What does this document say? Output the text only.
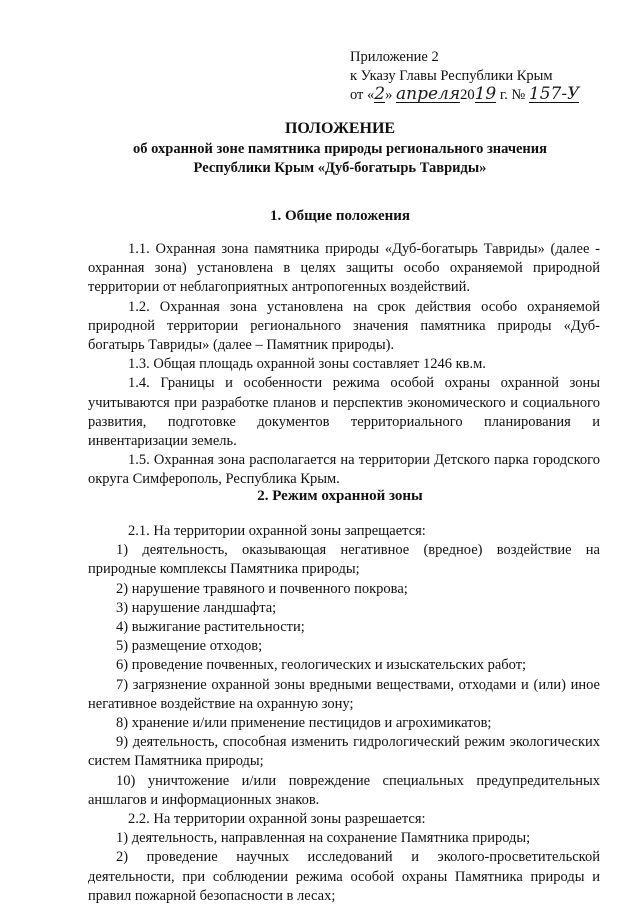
Приложение 2
к Указу Главы Республики Крым
от «2» апреля2019 г. № 157-У
ПОЛОЖЕНИЕ
об охранной зоне памятника природы регионального значения
Республики Крым «Дуб-богатырь Тавриды»
1. Общие положения

1.1. Охранная зона памятника природы «Дуб-богатырь Тавриды» (далее - охранная зона) установлена в целях защиты особо охраняемой природной территории от неблагоприятных антропогенных воздействий.

1.2. Охранная зона установлена на срок действия особо охраняемой природной территории регионального значения памятника природы «Дуб-богатырь Тавриды» (далее – Памятник природы).

1.3. Общая площадь охранной зоны составляет 1246 кв.м.

1.4. Границы и особенности режима особой охраны охранной зоны учитываются при разработке планов и перспектив экономического и социального развития, подготовке документов территориального планирования и инвентаризации земель.

1.5. Охранная зона располагается на территории Детского парка городского округа Симферополь, Республика Крым.

2. Режим охранной зоны

2.1. На территории охранной зоны запрещается:

1) деятельность, оказывающая негативное (вредное) воздействие на природные комплексы Памятника природы;

2) нарушение травяного и почвенного покрова;

3) нарушение ландшафта;

4) выжигание растительности;

5) размещение отходов;

6) проведение почвенных, геологических и изыскательских работ;

7) загрязнение охранной зоны вредными веществами, отходами и (или) иное негативное воздействие на охранную зону;

8) хранение и/или применение пестицидов и агрохимикатов;

9) деятельность, способная изменить гидрологический режим экологических систем Памятника природы;

10) уничтожение и/или повреждение специальных предупредительных аншлагов и информационных знаков.

2.2. На территории охранной зоны разрешается:

1) деятельность, направленная на сохранение Памятника природы;

2) проведение научных исследований и эколого-просветительской деятельности, при соблюдении режима особой охраны Памятника природы и правил пожарной безопасности в лесах;
